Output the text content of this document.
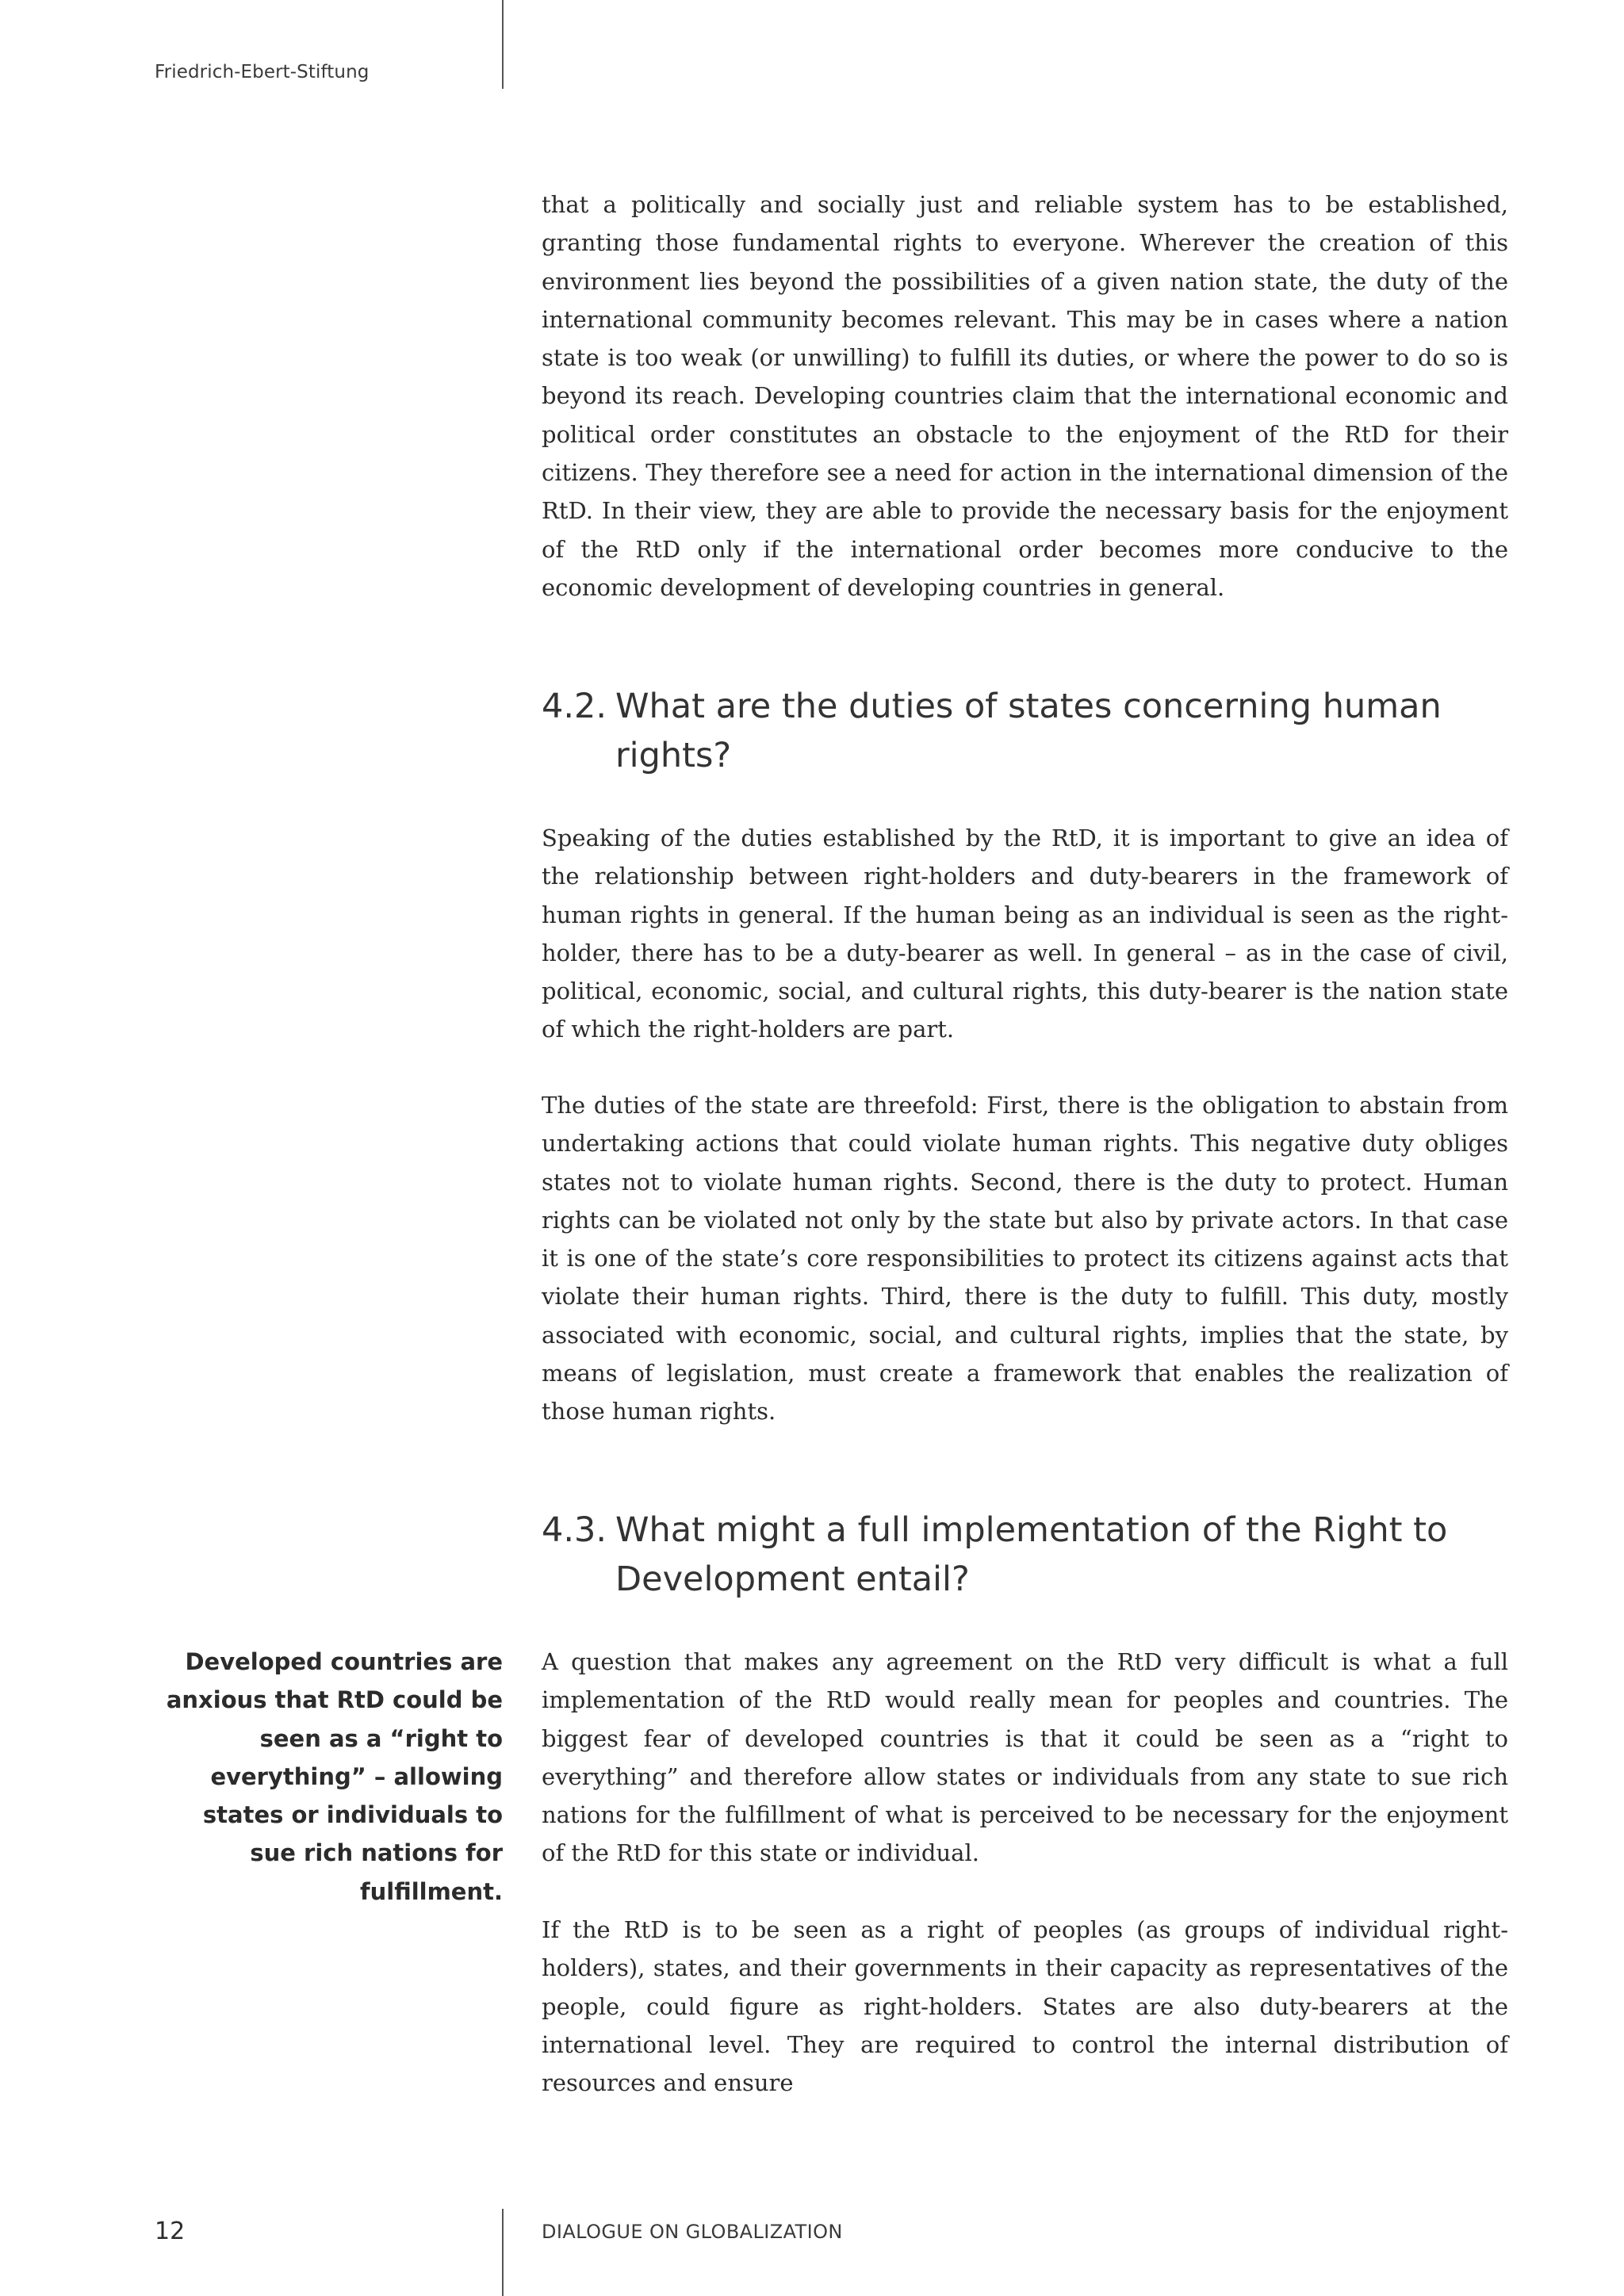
Friedrich-Ebert-Stiftung

that a politically and socially just and reliable system has to be established, granting those fundamental rights to everyone. Wherever the creation of this environment lies beyond the possibilities of a given nation state, the duty of the international community becomes relevant. This may be in cases where a nation state is too weak (or unwilling) to fulfill its duties, or where the power to do so is beyond its reach. Developing countries claim that the international economic and political order constitutes an obstacle to the enjoyment of the RtD for their citizens. They therefore see a need for action in the international dimension of the RtD. In their view, they are able to provide the necessary basis for the enjoyment of the RtD only if the international order becomes more conducive to the economic development of developing countries in general.

4.2. What are the duties of states concerning human rights?

Speaking of the duties established by the RtD, it is important to give an idea of the relationship between right-holders and duty-bearers in the framework of human rights in general. If the human being as an individual is seen as the right-holder, there has to be a duty-bearer as well. In general – as in the case of civil, political, economic, social, and cultural rights, this duty-bearer is the nation state of which the right-holders are part.

The duties of the state are threefold: First, there is the obligation to abstain from undertaking actions that could violate human rights. This negative duty obliges states not to violate human rights. Second, there is the duty to protect. Human rights can be violated not only by the state but also by private actors. In that case it is one of the state’s core responsibilities to protect its citizens against acts that violate their human rights. Third, there is the duty to fulfill. This duty, mostly associated with economic, social, and cultural rights, implies that the state, by means of legislation, must create a framework that enables the realization of those human rights.

4.3. What might a full implementation of the Right to Development entail?

Developed countries are anxious that RtD could be seen as a “right to everything” – allowing states or individuals to sue rich nations for fulfillment.

A question that makes any agreement on the RtD very difficult is what a full implementation of the RtD would really mean for peoples and countries. The biggest fear of developed countries is that it could be seen as a “right to everything” and therefore allow states or individuals from any state to sue rich nations for the fulfillment of what is perceived to be necessary for the enjoyment of the RtD for this state or individual.

If the RtD is to be seen as a right of peoples (as groups of individual right-holders), states, and their governments in their capacity as representatives of the people, could figure as right-holders. States are also duty-bearers at the international level. They are required to control the internal distribution of resources and ensure

12	DIALOGUE ON GLOBALIZATION
